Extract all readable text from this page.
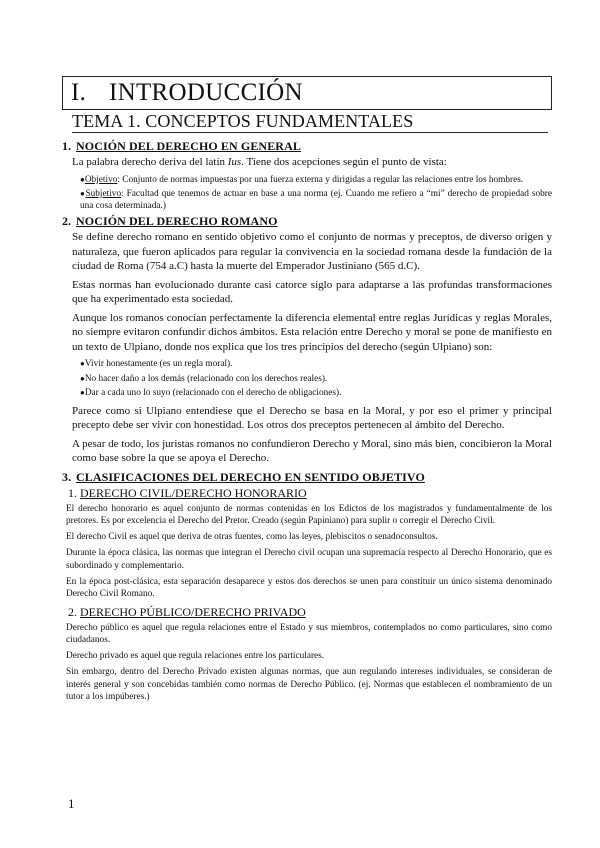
I. INTRODUCCIÓN
TEMA 1. CONCEPTOS FUNDAMENTALES
1. NOCIÓN DEL DERECHO EN GENERAL

La palabra derecho deriva del latín Ius. Tiene dos acepciones según el punto de vista:

●Objetivo: Conjunto de normas impuestas por una fuerza externa y dirigidas a regular las relaciones entre los hombres.
●Subjetivo: Facultad que tenemos de actuar en base a una norma (ej. Cuando me refiero a “mi” derecho de propiedad sobre una cosa determinada.)
2. NOCIÓN DEL DERECHO ROMANO

Se define derecho romano en sentido objetivo como el conjunto de normas y preceptos, de diverso origen y naturaleza, que fueron aplicados para regular la convivencia en la sociedad romana desde la fundación de la ciudad de Roma (754 a.C) hasta la muerte del Emperador Justiniano (565 d.C).

Estas normas han evolucionado durante casi catorce siglo para adaptarse a las profundas transformaciones que ha experimentado esta sociedad.

Aunque los romanos conocían perfectamente la diferencia elemental entre reglas Jurídicas y reglas Morales, no siempre evitaron confundir dichos ámbitos. Esta relación entre Derecho y moral se pone de manifiesto en un texto de Ulpiano, donde nos explica que los tres principios del derecho (según Ulpiano) son:

●Vivir honestamente (es un regla moral).
●No hacer daño a los demás (relacionado con los derechos reales).
●Dar a cada uno lo suyo (relacionado con el derecho de obligaciones).

Parece como si Ulpiano entendiese que el Derecho se basa en la Moral, y por eso el primer y principal precepto debe ser vivir con honestidad. Los otros dos preceptos pertenecen al ámbito del Derecho.

A pesar de todo, los juristas romanos no confundieron Derecho y Moral, sino más bien, concibieron la Moral como base sobre la que se apoya el Derecho.

3. CLASIFICACIONES DEL DERECHO EN SENTIDO OBJETIVO
1. DERECHO CIVIL/DERECHO HONORARIO

El derecho honorario es aquel conjunto de normas contenidas en los Edictos de los magistrados y fundamentalmente de los pretores. Es por excelencia el Derecho del Pretor. Creado (según Papiniano) para suplir o corregir el Derecho Civil.

El derecho Civil es aquel que deriva de otras fuentes, como las leyes, plebiscitos o senadoconsultos.

Durante la época clásica, las normas que integran el Derecho civil ocupan una supremacía respecto al Derecho Honorario, que es subordinado y complementario.

En la época post-clásica, esta separación desaparece y estos dos derechos se unen para constituir un único sistema denominado Derecho Civil Romano.

2. DERECHO PÚBLICO/DERECHO PRIVADO

Derecho público es aquel que regula relaciones entre el Estado y sus miembros, contemplados no como particulares, sino como ciudadanos.

Derecho privado es aquel que regula relaciones entre los particulares.

Sin embargo, dentro del Derecho Privado existen algunas normas, que aun regulando intereses individuales, se consideran de interés general y son concebidas también como normas de Derecho Público. (ej. Normas que establecen el nombramiento de un tutor a los impúberes.)

1
